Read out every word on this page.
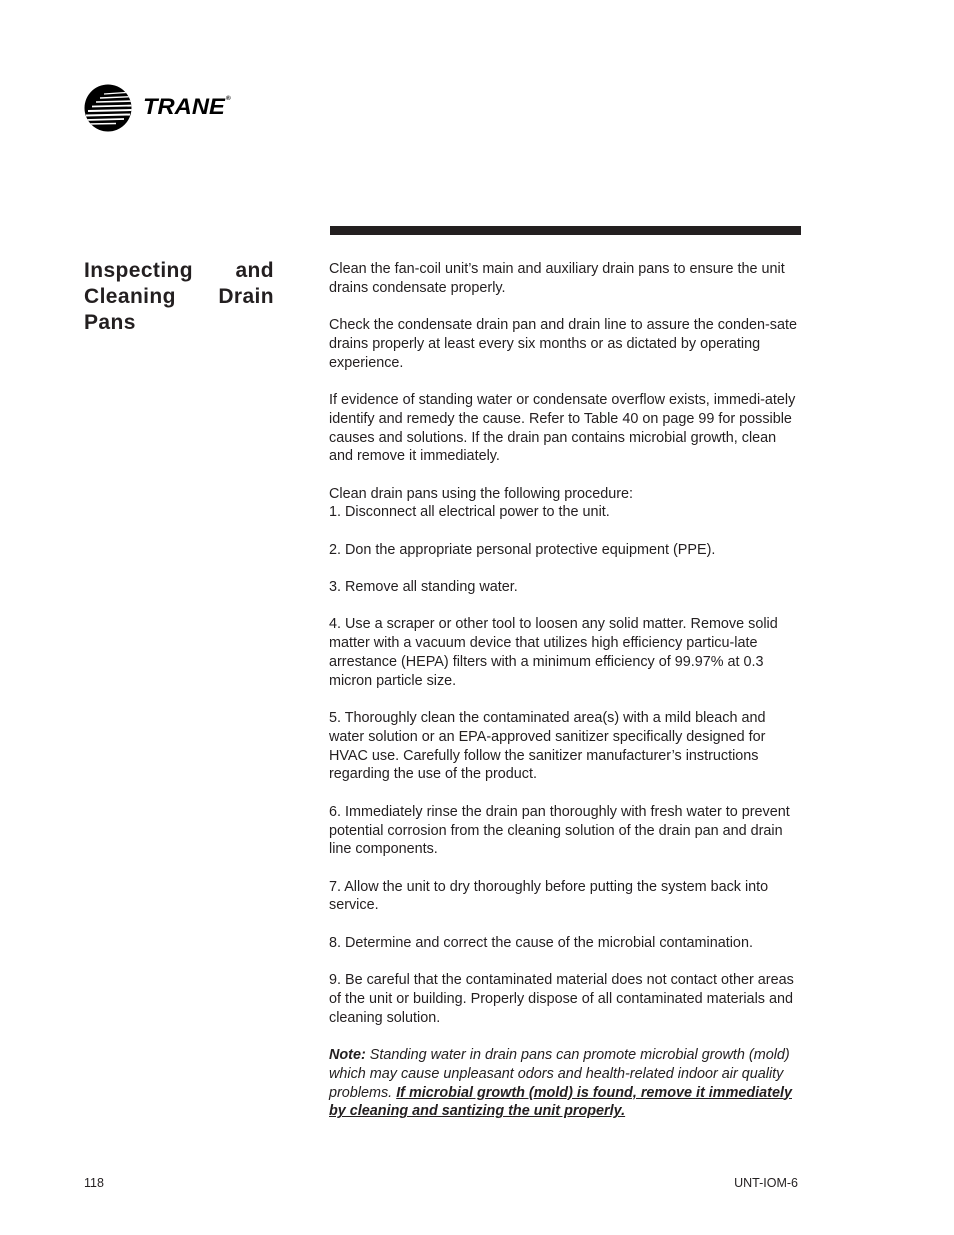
TRANE®
Inspecting and Cleaning Drain Pans

Clean the fan-coil unit’s main and auxiliary drain pans to ensure the unit drains condensate properly.

Check the condensate drain pan and drain line to assure the conden-sate drains properly at least every six months or as dictated by operating experience.

If evidence of standing water or condensate overflow exists, immedi-ately identify and remedy the cause. Refer to Table 40 on page 99 for possible causes and solutions. If the drain pan contains microbial growth, clean and remove it immediately.

Clean drain pans using the following procedure:

1. Disconnect all electrical power to the unit.

2. Don the appropriate personal protective equipment (PPE).

3. Remove all standing water.

4. Use a scraper or other tool to loosen any solid matter. Remove solid matter with a vacuum device that utilizes high efficiency particu-late arrestance (HEPA) filters with a minimum efficiency of 99.97% at 0.3 micron particle size.

5. Thoroughly clean the contaminated area(s) with a mild bleach and water solution or an EPA-approved sanitizer specifically designed for HVAC use. Carefully follow the sanitizer manufacturer’s instructions regarding the use of the product.

6. Immediately rinse the drain pan thoroughly with fresh water to prevent potential corrosion from the cleaning solution of the drain pan and drain line components.

7. Allow the unit to dry thoroughly before putting the system back into service.

8. Determine and correct the cause of the microbial contamination.

9. Be careful that the contaminated material does not contact other areas of the unit or building. Properly dispose of all contaminated materials and cleaning solution.

Note: Standing water in drain pans can promote microbial growth (mold) which may cause unpleasant odors and health-related indoor air quality problems. If microbial growth (mold) is found, remove it immediately by cleaning and santizing the unit properly.

118	UNT-IOM-6
